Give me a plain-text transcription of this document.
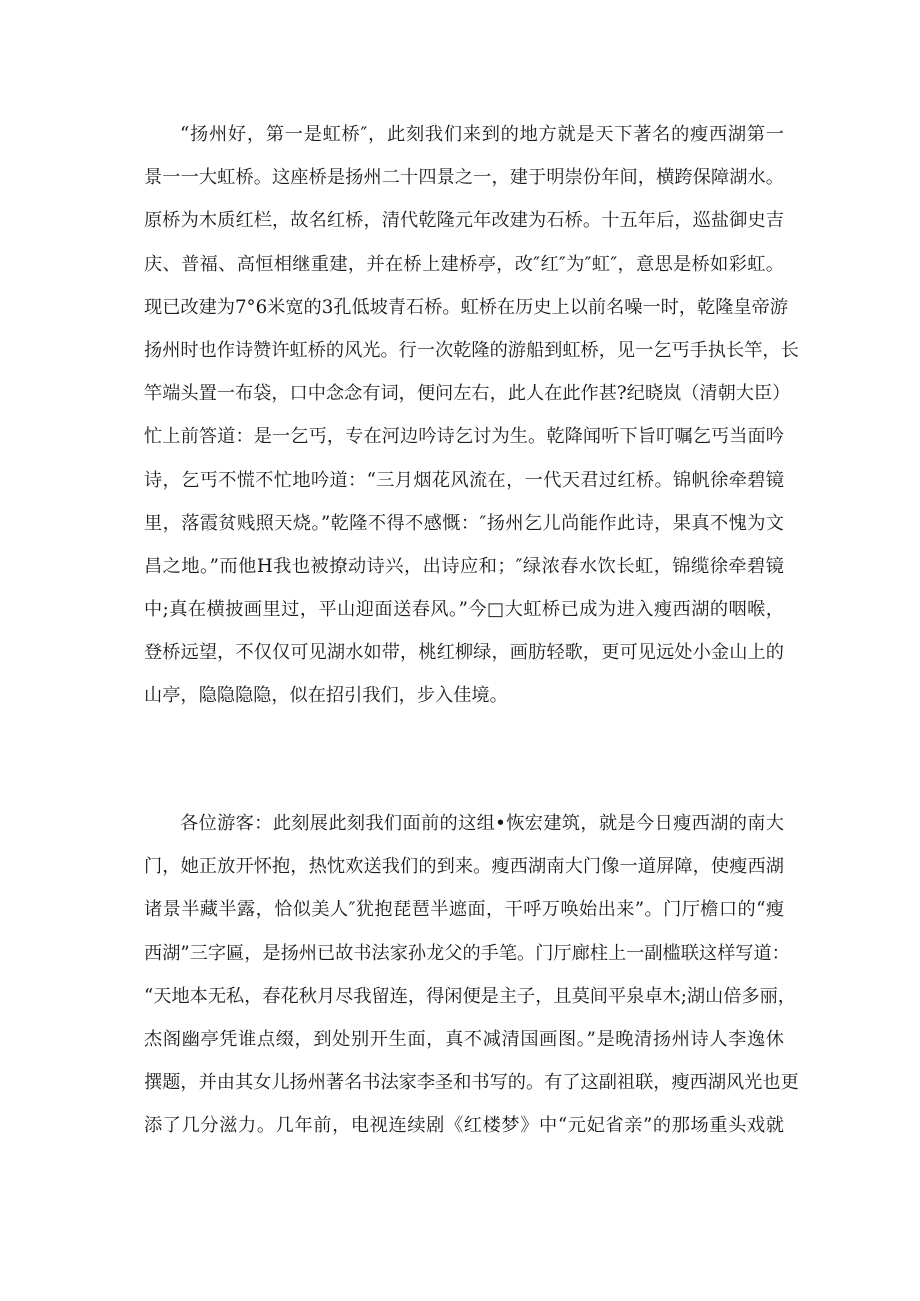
“扬州好，第一是虹桥″，此刻我们来到的地方就是天下著名的瘦西湖第一
景一一大虹桥。这座桥是扬州二十四景之一，建于明崇份年间，横跨保障湖水。
原桥为木质红栏，故名红桥，清代乾隆元年改建为石桥。十五年后，巡盐御史吉
庆、普福、高恒相继重建，并在桥上建桥亭，改″红″为″虹″，意思是桥如彩虹。
现已改建为7°6米宽的3孔低坡青石桥。虹桥在历史上以前名噪一时，乾隆皇帝游
扬州时也作诗赞许虹桥的风光。行一次乾隆的游船到虹桥，见一乞丐手执长竿，长
竿端头置一布袋，口中念念有词，便问左右，此人在此作甚?纪晓岚（清朝大臣）
忙上前答道：是一乞丐，专在河边吟诗乞讨为生。乾降闻听下旨叮嘱乞丐当面吟
诗，乞丐不慌不忙地吟道：“三月烟花风流在，一代天君过红桥。锦帆徐牵碧镜
里，落霞贫贱照天烧。”乾隆不得不感慨：″扬州乞儿尚能作此诗，果真不愧为文
昌之地。”而他H我也被撩动诗兴，出诗应和；″绿浓春水饮长虹，锦缆徐牵碧镜
中;真在横披画里过，平山迎面送春风。”今□大虹桥已成为进入瘦西湖的咽喉，
登桥远望，不仅仅可见湖水如带，桃红柳绿，画肪轻歌，更可见远处小金山上的
山亭，隐隐隐隐，似在招引我们，步入佳境。
各位游客：此刻展此刻我们面前的这组•恢宏建筑，就是今日瘦西湖的南大
门，她正放开怀抱，热忱欢送我们的到来。瘦西湖南大门像一道屏障，使瘦西湖
诸景半藏半露，恰似美人″犹抱琵琶半遮面，干呼万唤始出来”。门厅檐口的“瘦
西湖”三字匾，是扬州已故书法家孙龙父的手笔。门厅廊柱上一副槛联这样写道：
“天地本无私，春花秋月尽我留连，得闲便是主子，且莫间平泉卓木;湖山倍多丽，
杰阁幽亭凭谁点缀，到处别开生面，真不减清国画图。”是晚清扬州诗人李逸休
撰题，并由其女儿扬州著名书法家李圣和书写的。有了这副祖联，瘦西湖风光也更
添了几分滋力。几年前，电视连续剧《红楼梦》中“元妃省亲”的那场重头戏就
